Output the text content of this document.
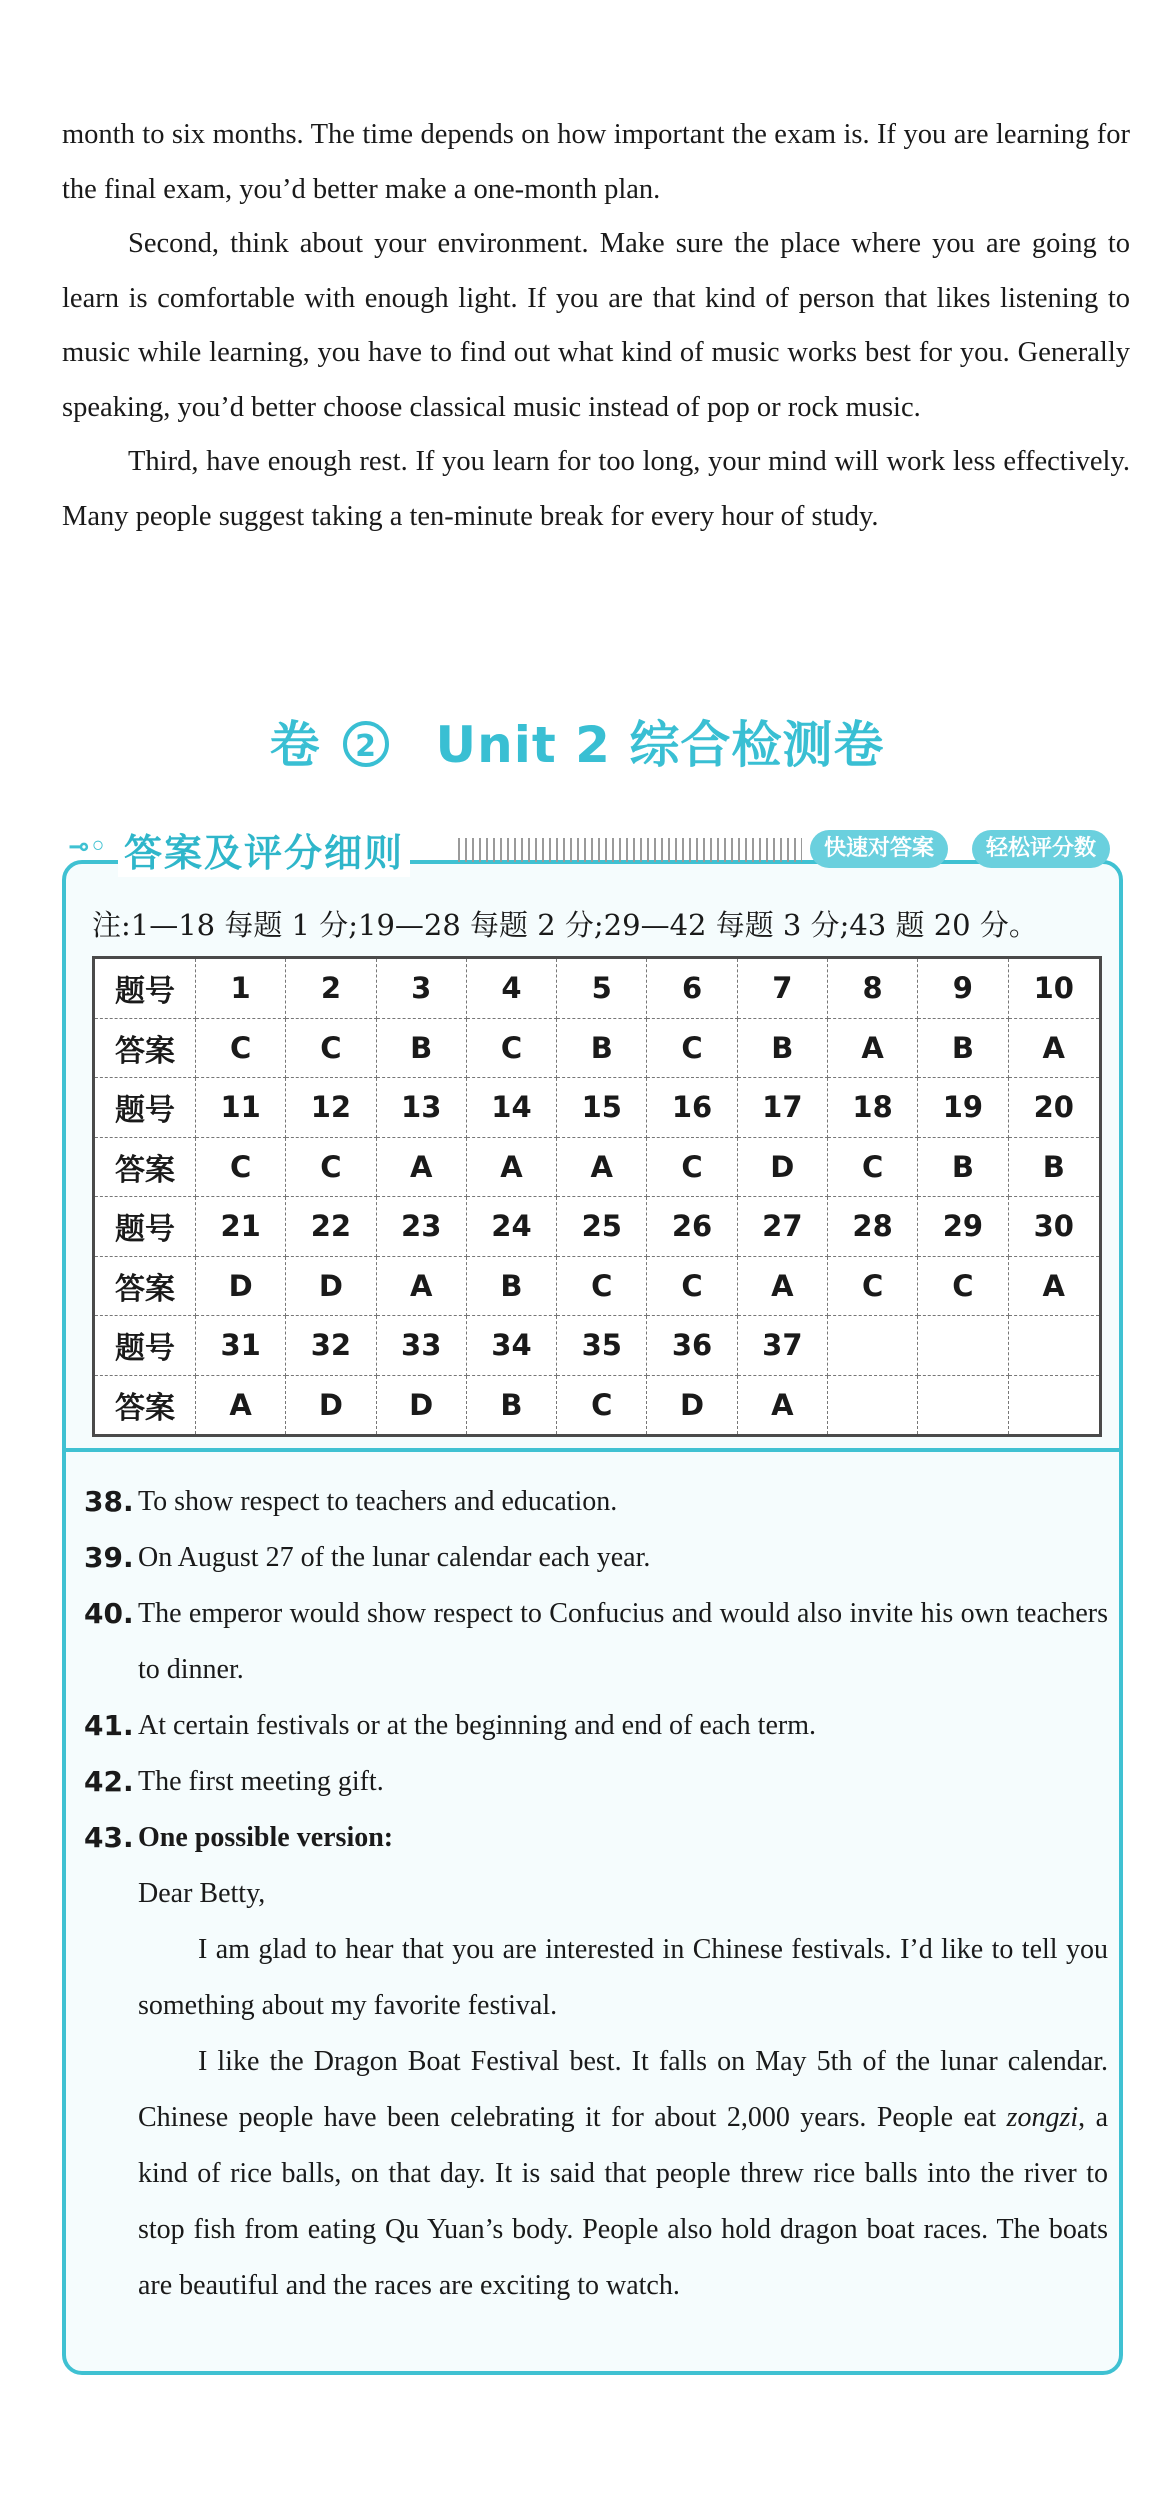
month to six months. The time depends on how important the exam is. If you are learning for the final exam, you’d better make a one-month plan.

Second, think about your environment. Make sure the place where you are going to learn is comfortable with enough light. If you are that kind of person that likes listening to music while learning, you have to find out what kind of music works best for you. Generally speaking, you’d better choose classical music instead of pop or rock music.

Third, have enough rest. If you learn for too long, your mind will work less effectively. Many people suggest taking a ten-minute break for every hour of study.

卷 2 Unit 2 综合检测卷
⊸◦ 答案及评分细则	快速对答案	轻松评分数
注:1—18 每题 1 分;19—28 每题 2 分;29—42 每题 3 分;43 题 20 分。
题号	1	2	3	4	5	6	7	8	9	10
答案	C	C	B	C	B	C	B	A	B	A
题号	11	12	13	14	15	16	17	18	19	20
答案	C	C	A	A	A	C	D	C	B	B
题号	21	22	23	24	25	26	27	28	29	30
答案	D	D	A	B	C	C	A	C	C	A
题号	31	32	33	34	35	36	37			
答案	A	D	D	B	C	D	A			
38. To show respect to teachers and education.
39. On August 27 of the lunar calendar each year.
40. The emperor would show respect to Confucius and would also invite his own teachers to dinner.
41. At certain festivals or at the beginning and end of each term.
42. The first meeting gift.
43. One possible version:

Dear Betty,

I am glad to hear that you are interested in Chinese festivals. I’d like to tell you something about my favorite festival.

I like the Dragon Boat Festival best. It falls on May 5th of the lunar calendar. Chinese people have been celebrating it for about 2,000 years. People eat zongzi, a kind of rice balls, on that day. It is said that people threw rice balls into the river to stop fish from eating Qu Yuan’s body. People also hold dragon boat races. The boats are beautiful and the races are exciting to watch.
